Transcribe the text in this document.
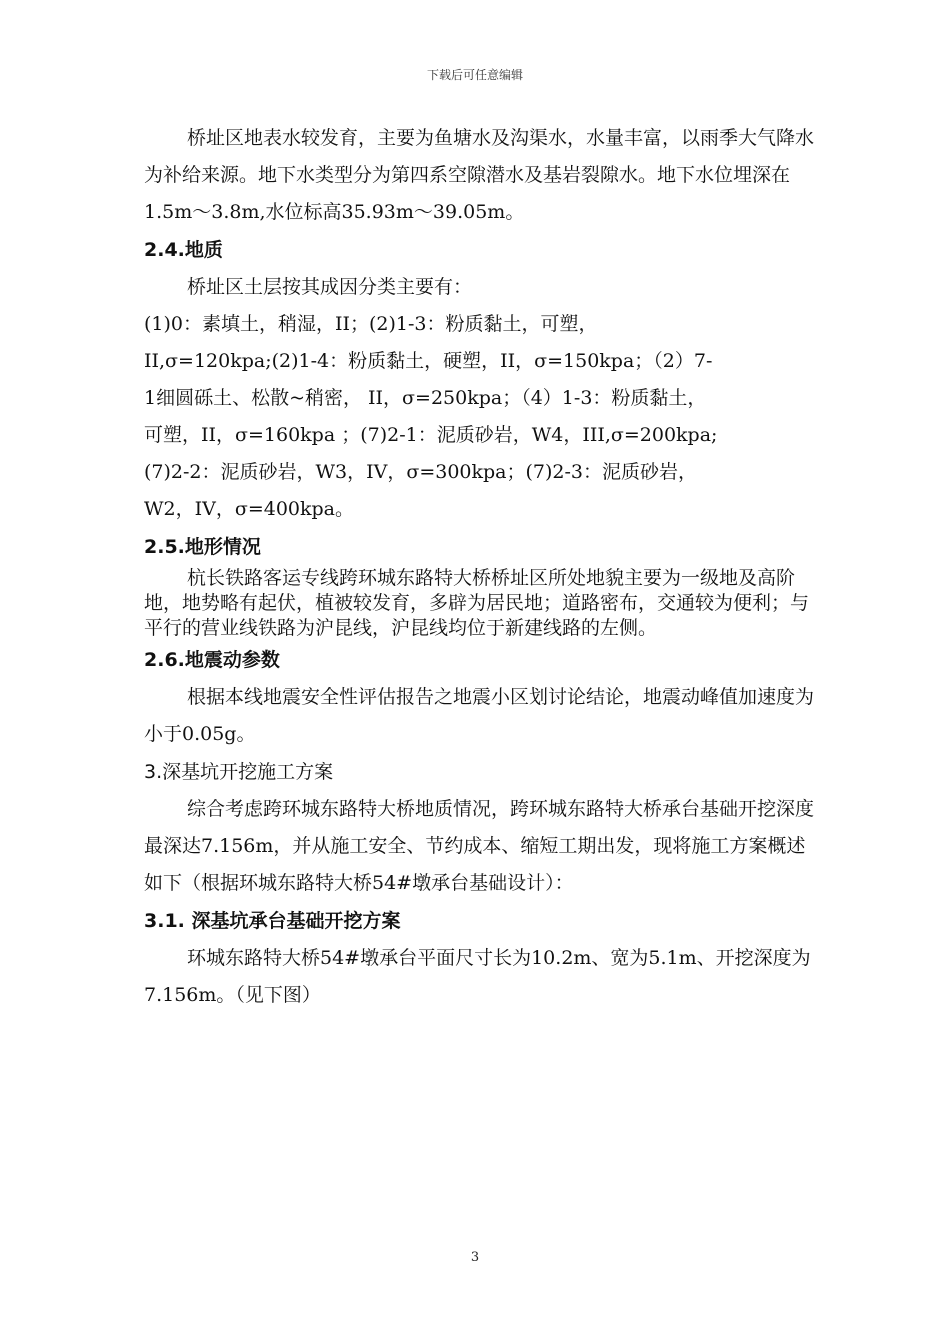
下载后可任意编辑

桥址区地表水较发育，主要为鱼塘水及沟渠水，水量丰富，以雨季大气降水为补给来源。地下水类型分为第四系空隙潜水及基岩裂隙水。地下水位埋深在1.5m～3.8m,水位标高35.93m～39.05m。

2.4.地质

桥址区土层按其成因分类主要有：

(1)0：素填土，稍湿，II；(2)1-3：粉质黏土，可塑，

II,σ=120kpa;(2)1-4：粉质黏土，硬塑，II，σ=150kpa；（2）7-

1细圆砾土、松散~稍密， II，σ=250kpa；（4）1-3：粉质黏土，

可塑，II，σ=160kpa ；(7)2-1：泥质砂岩，W4，III,σ=200kpa;

(7)2-2：泥质砂岩，W3，IV，σ=300kpa；(7)2-3：泥质砂岩，

W2，IV，σ=400kpa。

2.5.地形情况

杭长铁路客运专线跨环城东路特大桥桥址区所处地貌主要为一级地及高阶地，地势略有起伏，植被较发育，多辟为居民地；道路密布，交通较为便利；与平行的营业线铁路为沪昆线，沪昆线均位于新建线路的左侧。

2.6.地震动参数

根据本线地震安全性评估报告之地震小区划讨论结论，地震动峰值加速度为小于0.05g。

3.深基坑开挖施工方案

综合考虑跨环城东路特大桥地质情况，跨环城东路特大桥承台基础开挖深度最深达7.156m，并从施工安全、节约成本、缩短工期出发，现将施工方案概述如下（根据环城东路特大桥54#墩承台基础设计）：

3.1. 深基坑承台基础开挖方案

环城东路特大桥54#墩承台平面尺寸长为10.2m、宽为5.1m、开挖深度为7.156m。（见下图）

3
